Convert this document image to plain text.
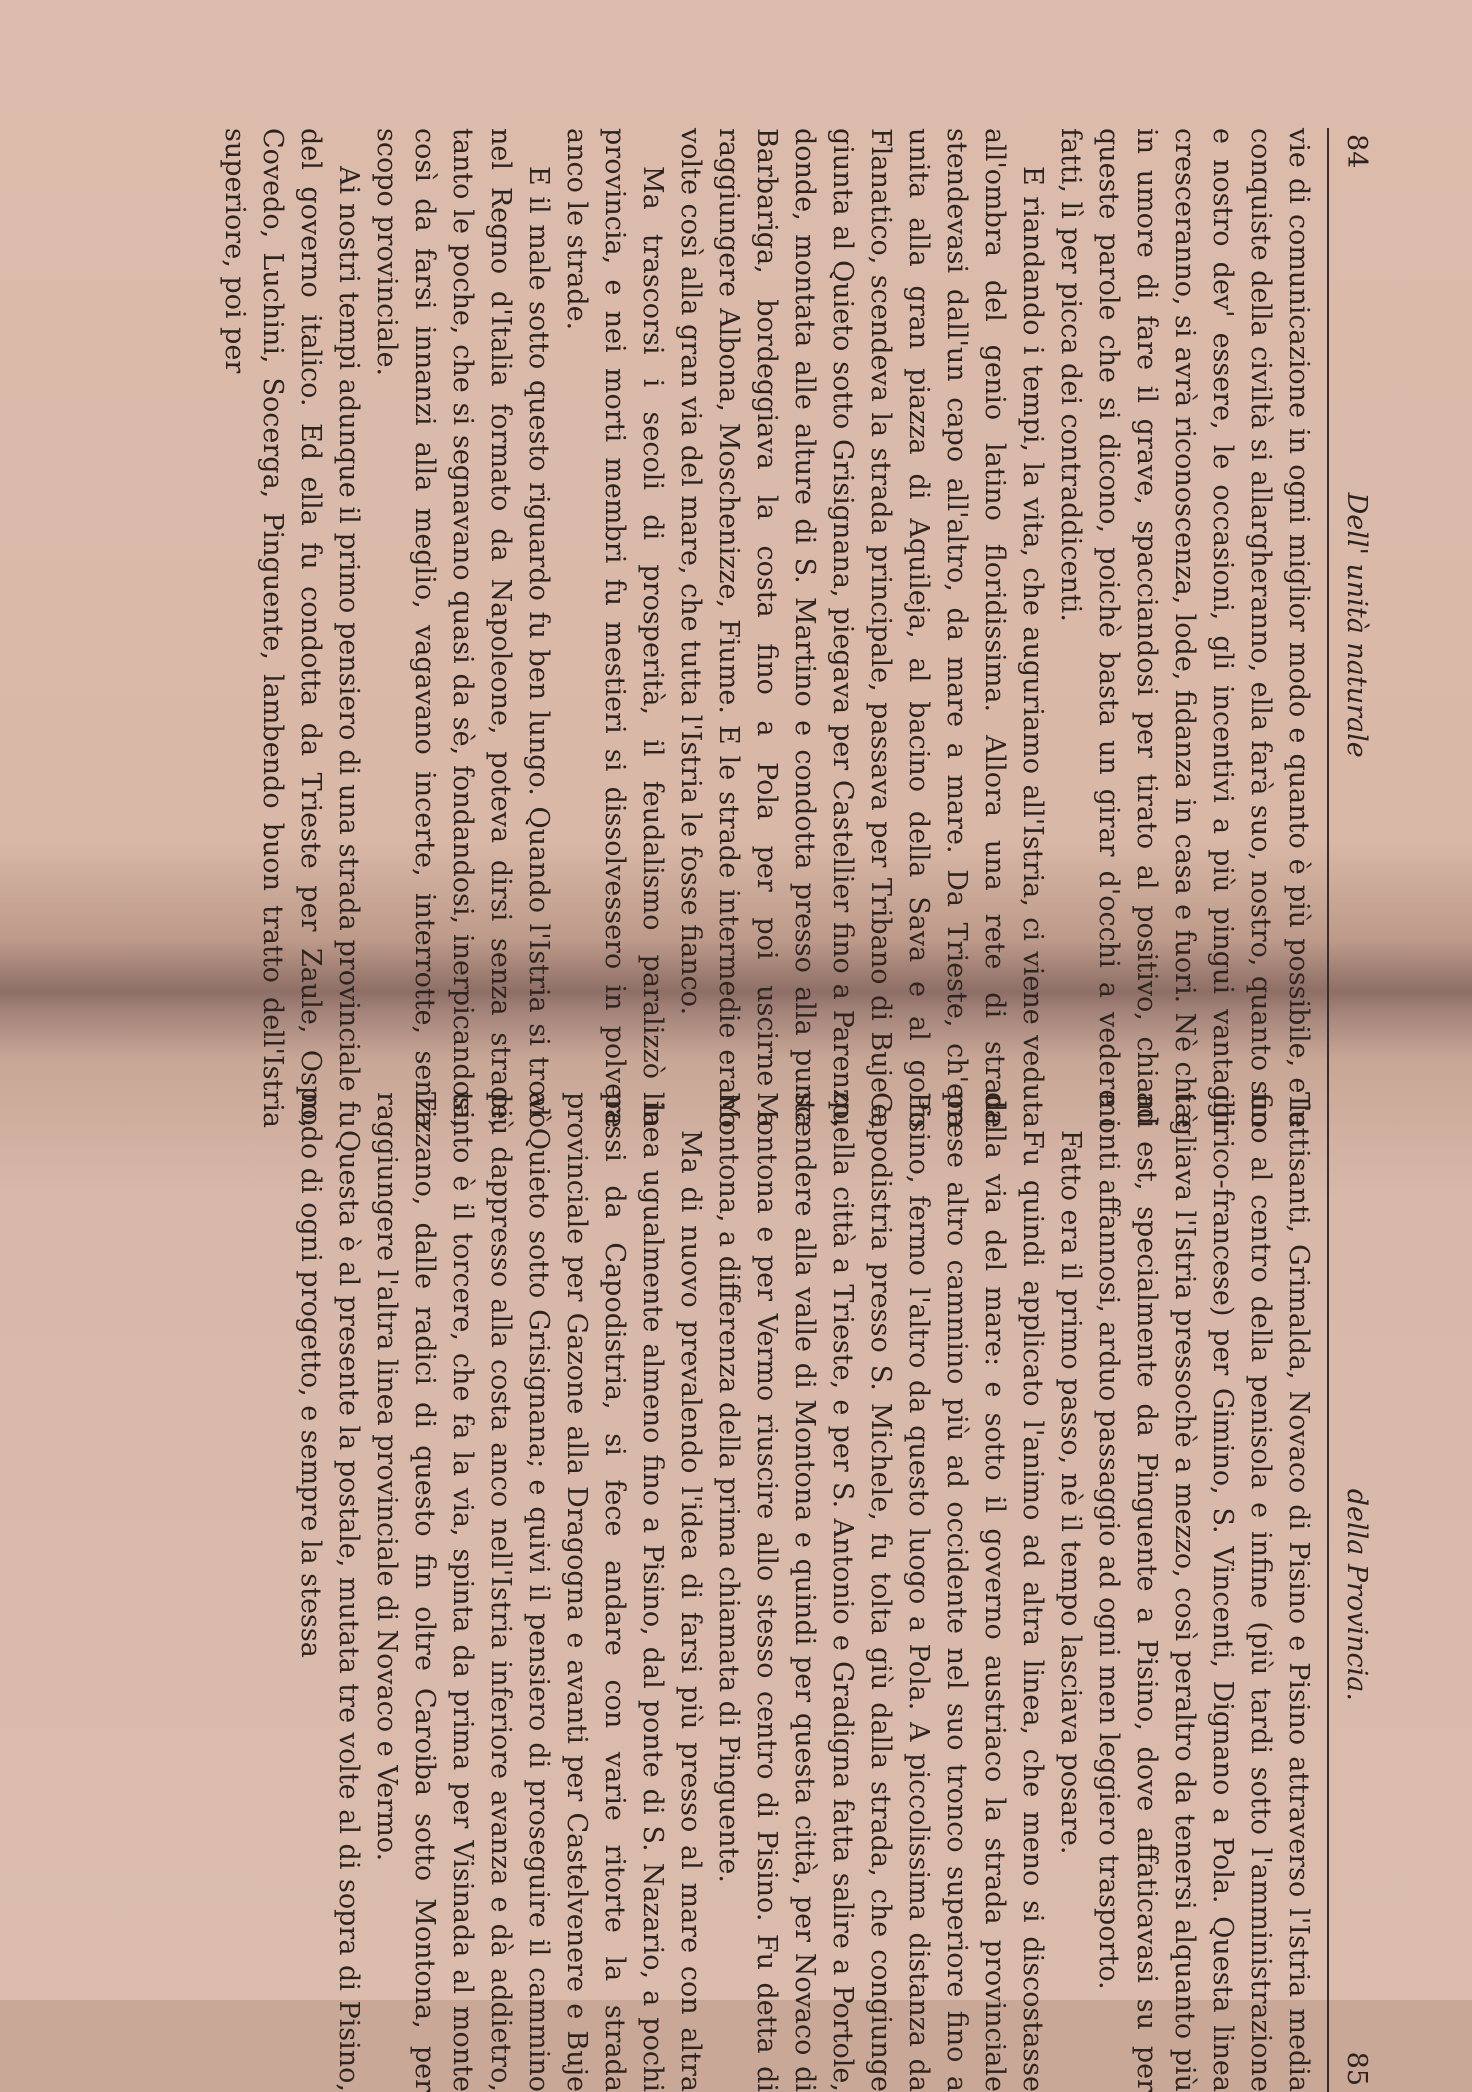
84
Dell' unità naturale

vie di comunicazione in ogni miglior modo e quanto è più possibile, e le conquiste della civiltà si allargheranno, ella farà suo, nostro, quanto suo e nostro dev' essere, le occasioni, gli incentivi a più pingui vantaggi cresceranno, si avrà riconoscenza, lode, fidanza in casa e fuori. Nè chi è in umore di fare il grave, spacciandosi per tirato al positivo, chiami queste parole che si dicono, poichè basta un girar d'occhi a vedere i fatti, lì per picca dei contraddicenti.

E riandando i tempi, la vita, che auguriamo all'Istria, ci viene veduta all'ombra del genio latino floridissima. Allora una rete di strade stendevasi dall'un capo all'altro, da mare a mare. Da Trieste, ch'era unita alla gran piazza di Aquileja, al bacino della Sava e al golfo Flanatico, scendeva la strada principale, passava per Tribano di Buje e, giunta al Quieto sotto Grisignana, piegava per Castellier fino a Parenzo, donde, montata alle alture di S. Martino e condotta presso alla punta Barbariga, bordeggiava la costa fino a Pola per poi uscirne a raggiungere Albona, Moschenizze, Fiume. E le strade intermedie erano volte così alla gran via del mare, che tutta l'Istria le fosse fianco.

Ma trascorsi i secoli di prosperità, il feudalismo paralizzò la provincia, e nei morti membri fu mestieri si dissolvessero in polvere anco le strade.

E il male sotto questo riguardo fu ben lungo. Quando l'Istria si trovò nel Regno d'Italia formato da Napoleone, poteva dirsi senza strade, tanto le poche, che si segnavano quasi da sè, fondandosi, inerpicandosi, così da farsi innanzi alla meglio, vagavano incerte, interrotte, senza scopo provinciale.

Ai nostri tempi adunque il primo pensiero di una strada provinciale fu del governo italico. Ed ella fu condotta da Trieste per Zaule, Ospo, Covedo, Luchini, Socerga, Pinguente, lambendo buon tratto dell'Istria superiore, poi per

della Provincia.
85

Tuttisanti, Grimalda, Novaco di Pisino e Pisino attraverso l'Istria media fino al centro della penisola e infine (più tardi sotto l'amministrazione illirico-francese) per Gimino, S. Vincenti, Dignano a Pola. Questa linea tagliava l'Istria pressochè a mezzo, così peraltro da tenersi alquanto più ad est, specialmente da Pinguente a Pisino, dove affaticavasi su per monti affannosi, arduo passaggio ad ogni men leggiero trasporto.

Fatto era il primo passo, nè il tempo lasciava posare.

Fu quindi applicato l'animo ad altra linea, che meno si discostasse dalla via del mare: e sotto il governo austriaco la strada provinciale prese altro cammino più ad occidente nel suo tronco superiore fino a Pisino, fermo l'altro da questo luogo a Pola. A piccolissima distanza da Capodistria presso S. Michele, fu tolta giù dalla strada, che congiunge quella città a Trieste, e per S. Antonio e Gradigna fatta salire a Portole, scendere alla valle di Montona e quindi per questa città, per Novaco di Montona e per Vermo riuscire allo stesso centro di Pisino. Fu detta di Montona, a differenza della prima chiamata di Pinguente.

Ma di nuovo prevalendo l'idea di farsi più presso al mare con altra linea ugualmente almeno fino a Pisino, dal ponte di S. Nazario, a pochi passi da Capodistria, si fece andare con varie ritorte la strada provinciale per Gazone alla Dragogna e avanti per Castelvenere e Buje al Quieto sotto Grisignana; e quivi il pensiero di proseguire il cammino più dappresso alla costa anco nell'Istria inferiore avanza e dà addietro, tanto è il torcere, che fa la via, spinta da prima per Visinada al monte Tizzano, dalle radici di questo fin oltre Caroiba sotto Montona, per raggiungere l'altra linea provinciale di Novaco e Vermo.

Questa è al presente la postale, mutata tre volte al di sopra di Pisino, nodo di ogni progetto, e sempre la stessa
